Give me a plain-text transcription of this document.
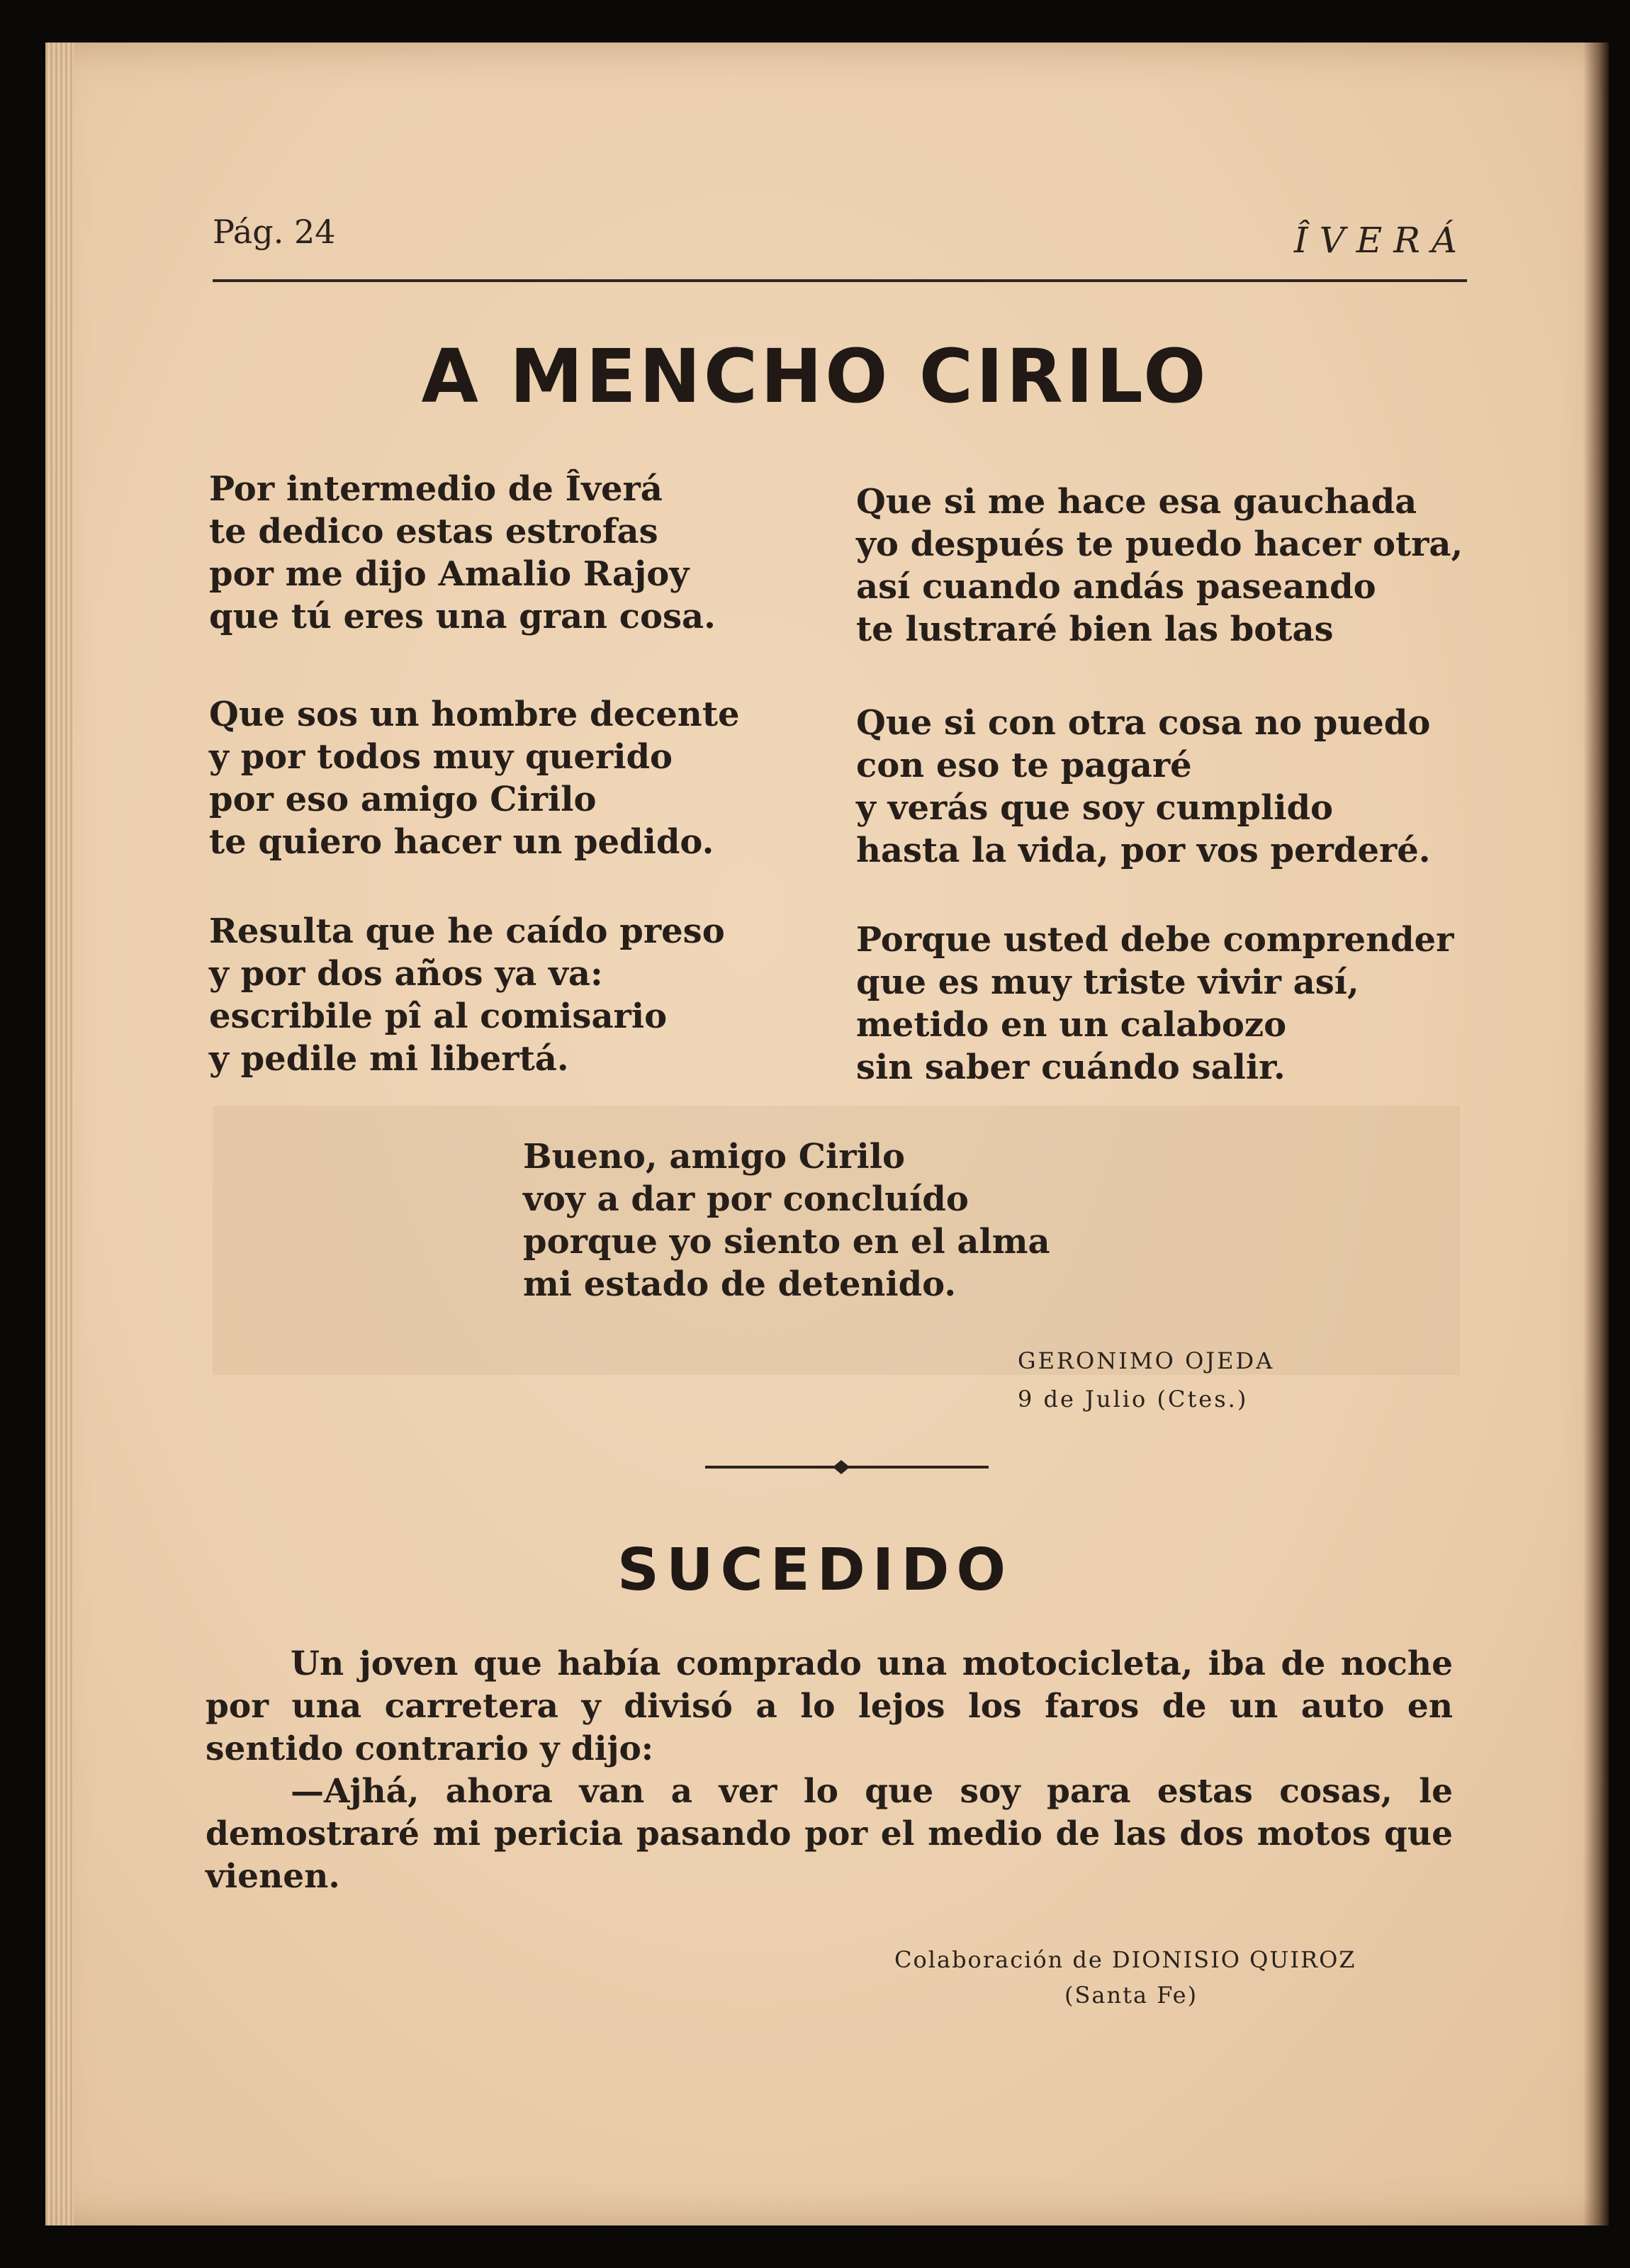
Pág. 24	ÎVERÁ
A MENCHO CIRILO
Por intermedio de Îverá
te dedico estas estrofas
por me dijo Amalio Rajoy
que tú eres una gran cosa.
Que sos un hombre decente
y por todos muy querido
por eso amigo Cirilo
te quiero hacer un pedido.
Resulta que he caído preso
y por dos años ya va:
escribile pî al comisario
y pedile mi libertá.
Que si me hace esa gauchada
yo después te puedo hacer otra,
así cuando andás paseando
te lustraré bien las botas
Que si con otra cosa no puedo
con eso te pagaré
y verás que soy cumplido
hasta la vida, por vos perderé.
Porque usted debe comprender
que es muy triste vivir así,
metido en un calabozo
sin saber cuándo salir.
Bueno, amigo Cirilo
voy a dar por concluído
porque yo siento en el alma
mi estado de detenido.
GERONIMO OJEDA
9 de Julio (Ctes.)
SUCEDIDO

Un joven que había comprado una motocicleta, iba de noche por una carretera y divisó a lo lejos los faros de un auto en sentido contrario y dijo:

—Ajhá, ahora van a ver lo que soy para estas cosas, le demostraré mi pericia pasando por el medio de las dos motos que vienen.

Colaboración de DIONISIO QUIROZ
(Santa Fe)
